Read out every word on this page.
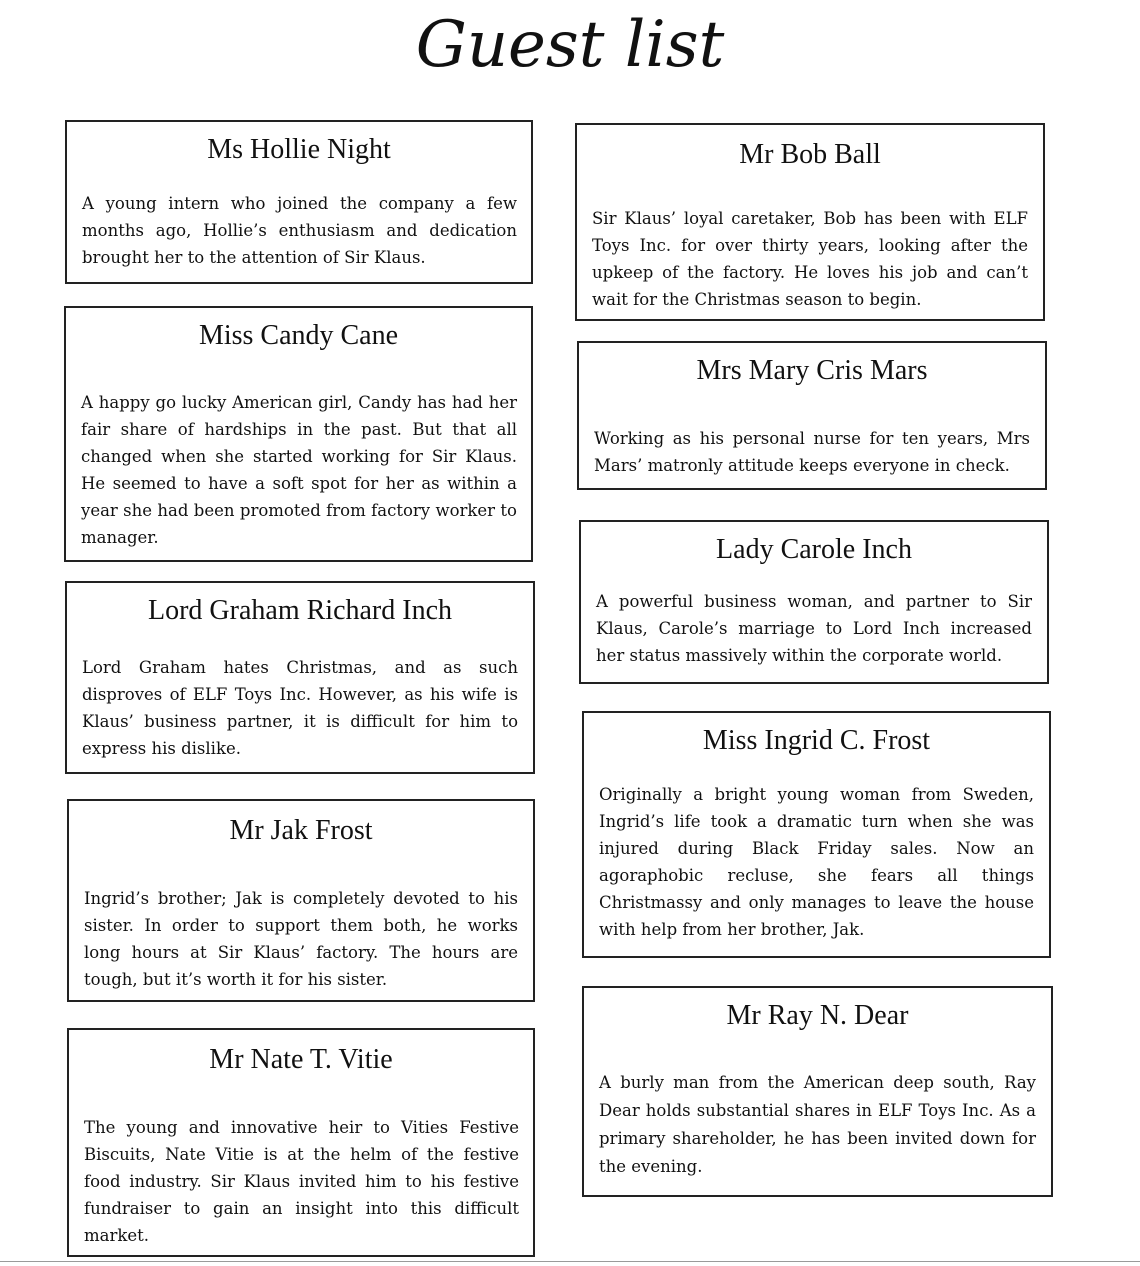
Guest list
Ms Hollie Night

A young intern who joined the company a few months ago, Hollie’s enthusiasm and dedication brought her to the attention of Sir Klaus.

Miss Candy Cane

A happy go lucky American girl, Candy has had her fair share of hardships in the past. But that all changed when she started working for Sir Klaus. He seemed to have a soft spot for her as within a year she had been promoted from factory worker to manager.

Lord Graham Richard Inch

Lord Graham hates Christmas, and as such disproves of ELF Toys Inc. However, as his wife is Klaus’ business partner, it is difficult for him to express his dislike.

Mr Jak Frost

Ingrid’s brother; Jak is completely devoted to his sister. In order to support them both, he works long hours at Sir Klaus’ factory. The hours are tough, but it’s worth it for his sister.

Mr Nate T. Vitie

The young and innovative heir to Vities Festive Biscuits, Nate Vitie is at the helm of the festive food industry. Sir Klaus invited him to his festive fundraiser to gain an insight into this difficult market.

Mr Bob Ball

Sir Klaus’ loyal caretaker, Bob has been with ELF Toys Inc. for over thirty years, looking after the upkeep of the factory. He loves his job and can’t wait for the Christmas season to begin.

Mrs Mary Cris Mars

Working as his personal nurse for ten years, Mrs Mars’ matronly attitude keeps everyone in check.

Lady Carole Inch

A powerful business woman, and partner to Sir Klaus, Carole’s marriage to Lord Inch increased her status massively within the corporate world.

Miss Ingrid C. Frost

Originally a bright young woman from Sweden, Ingrid’s life took a dramatic turn when she was injured during Black Friday sales. Now an agoraphobic recluse, she fears all things Christmassy and only manages to leave the house with help from her brother, Jak.

Mr Ray N. Dear

A burly man from the American deep south, Ray Dear holds substantial shares in ELF Toys Inc. As a primary shareholder, he has been invited down for the evening.
